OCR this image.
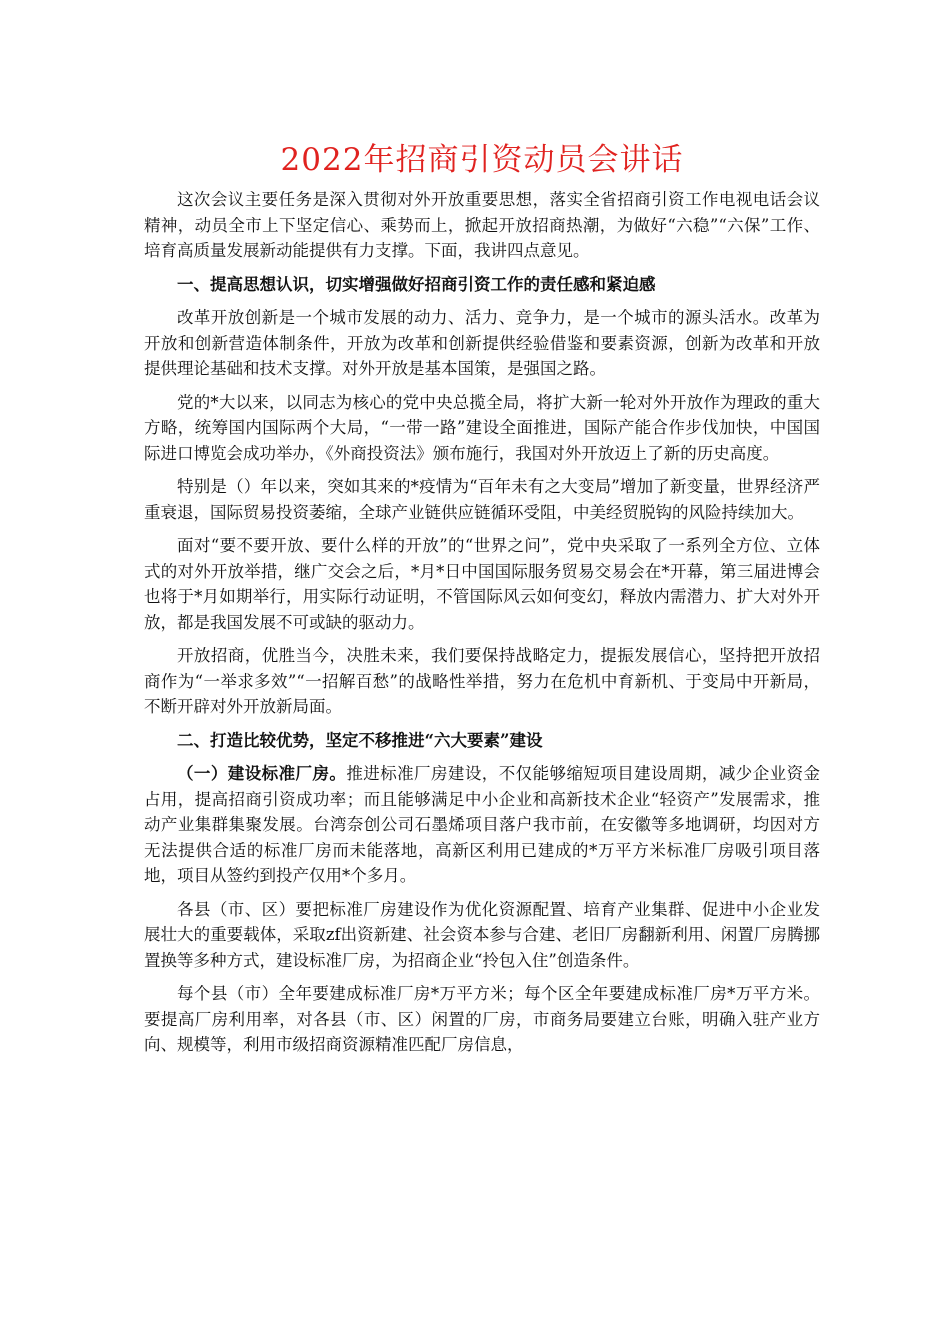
2022年招商引资动员会讲话

这次会议主要任务是深入贯彻对外开放重要思想，落实全省招商引资工作电视电话会议精神，动员全市上下坚定信心、乘势而上，掀起开放招商热潮，为做好“六稳”“六保”工作、培育高质量发展新动能提供有力支撑。下面，我讲四点意见。

一、提高思想认识，切实增强做好招商引资工作的责任感和紧迫感

改革开放创新是一个城市发展的动力、活力、竞争力，是一个城市的源头活水。改革为开放和创新营造体制条件，开放为改革和创新提供经验借鉴和要素资源，创新为改革和开放提供理论基础和技术支撑。对外开放是基本国策，是强国之路。

党的*大以来，以同志为核心的党中央总揽全局，将扩大新一轮对外开放作为理政的重大方略，统筹国内国际两个大局，“一带一路”建设全面推进，国际产能合作步伐加快，中国国际进口博览会成功举办，《外商投资法》颁布施行，我国对外开放迈上了新的历史高度。

特别是（）年以来，突如其来的*疫情为“百年未有之大变局”增加了新变量，世界经济严重衰退，国际贸易投资萎缩，全球产业链供应链循环受阻，中美经贸脱钩的风险持续加大。

面对“要不要开放、要什么样的开放”的“世界之问”，党中央采取了一系列全方位、立体式的对外开放举措，继广交会之后，*月*日中国国际服务贸易交易会在*开幕，第三届进博会也将于*月如期举行，用实际行动证明，不管国际风云如何变幻，释放内需潜力、扩大对外开放，都是我国发展不可或缺的驱动力。

开放招商，优胜当今，决胜未来，我们要保持战略定力，提振发展信心，坚持把开放招商作为“一举求多效”“一招解百愁”的战略性举措，努力在危机中育新机、于变局中开新局，不断开辟对外开放新局面。

二、打造比较优势，坚定不移推进“六大要素”建设

（一）建设标准厂房。推进标准厂房建设，不仅能够缩短项目建设周期，减少企业资金占用，提高招商引资成功率；而且能够满足中小企业和高新技术企业“轻资产”发展需求，推动产业集群集聚发展。台湾奈创公司石墨烯项目落户我市前，在安徽等多地调研，均因对方无法提供合适的标准厂房而未能落地，高新区利用已建成的*万平方米标准厂房吸引项目落地，项目从签约到投产仅用*个多月。

各县（市、区）要把标准厂房建设作为优化资源配置、培育产业集群、促进中小企业发展壮大的重要载体，采取zf出资新建、社会资本参与合建、老旧厂房翻新利用、闲置厂房腾挪置换等多种方式，建设标准厂房，为招商企业“拎包入住”创造条件。

每个县（市）全年要建成标准厂房*万平方米；每个区全年要建成标准厂房*万平方米。要提高厂房利用率，对各县（市、区）闲置的厂房，市商务局要建立台账，明确入驻产业方向、规模等，利用市级招商资源精准匹配厂房信息，
